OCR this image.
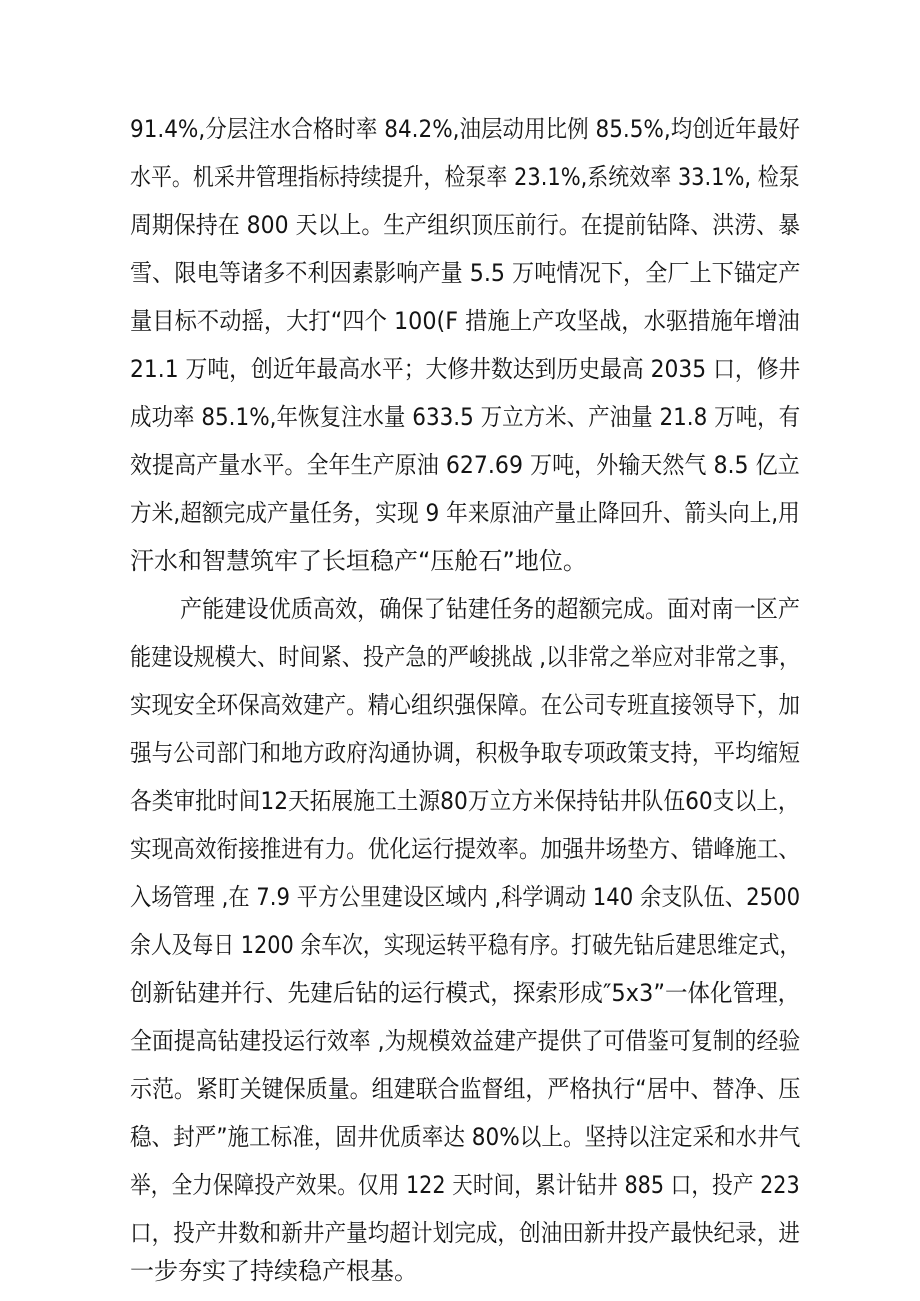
91.4%,分层注水合格时率 84.2%,油层动用比例 85.5%,均创近年最好
水平。机采井管理指标持续提升，检泵率 23.1%,系统效率 33.1%, 检泵
周期保持在 800 天以上。生产组织顶压前行。在提前钻降、洪涝、暴
雪、限电等诸多不利因素影响产量 5.5 万吨情况下，全厂上下锚定产
量目标不动摇，大打“四个 100(F 措施上产攻坚战，水驱措施年增油
21.1 万吨，创近年最高水平；大修井数达到历史最高 2035 口，修井
成功率 85.1%,年恢复注水量 633.5 万立方米、产油量 21.8 万吨，有
效提高产量水平。全年生产原油 627.69 万吨，外输天然气 8.5 亿立
方米,超额完成产量任务，实现 9 年来原油产量止降回升、箭头向上,用
汗水和智慧筑牢了长垣稳产“压舱石”地位。
产能建设优质高效，确保了钻建任务的超额完成。面对南一区产
能建设规模大、时间紧、投产急的严峻挑战 ,以非常之举应对非常之事，
实现安全环保高效建产。精心组织强保障。在公司专班直接领导下，加
强与公司部门和地方政府沟通协调，积极争取专项政策支持，平均缩短
各类审批时间12天拓展施工土源80万立方米保持钻井队伍60支以上，
实现高效衔接推进有力。优化运行提效率。加强井场垫方、错峰施工、
入场管理 ,在 7.9 平方公里建设区域内 ,科学调动 140 余支队伍、2500
余人及每日 1200 余车次，实现运转平稳有序。打破先钻后建思维定式，
创新钻建并行、先建后钻的运行模式，探索形成″5x3”一体化管理，
全面提高钻建投运行效率 ,为规模效益建产提供了可借鉴可复制的经验
示范。紧盯关键保质量。组建联合监督组，严格执行“居中、替净、压
稳、封严”施工标准，固井优质率达 80%以上。坚持以注定采和水井气
举，全力保障投产效果。仅用 122 天时间，累计钻井 885 口，投产 223
口，投产井数和新井产量均超计划完成，创油田新井投产最快纪录，进
一步夯实了持续稳产根基。
